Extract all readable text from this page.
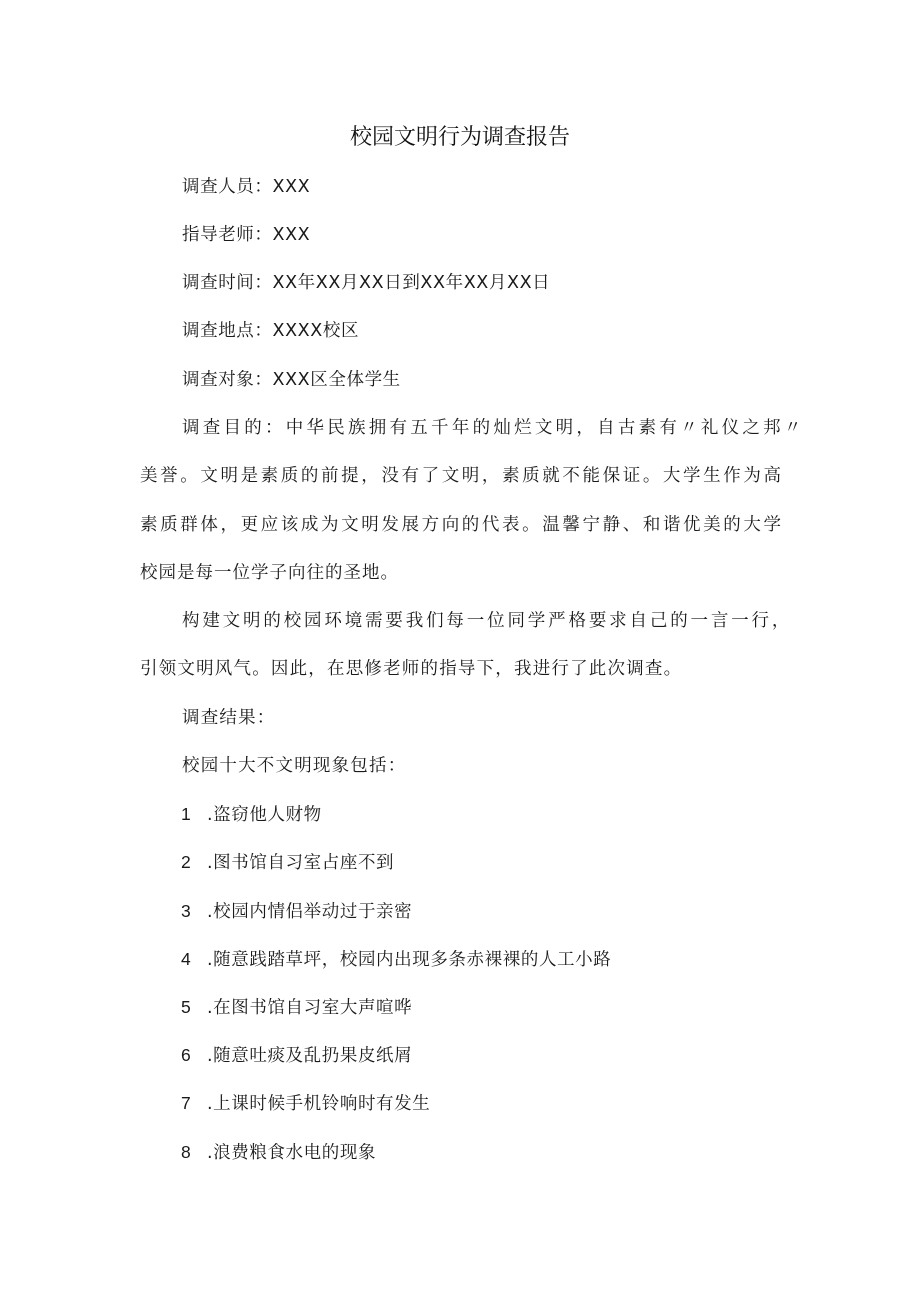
校园文明行为调查报告
调查人员：XXX
指导老师：XXX
调查时间：XX年XX月XX日到XX年XX月XX日
调查地点：XXXX校区
调查对象：XXX区全体学生
调查目的：中华民族拥有五千年的灿烂文明，自古素有〃礼仪之邦〃
美誉。文明是素质的前提，没有了文明，素质就不能保证。大学生作为高
素质群体，更应该成为文明发展方向的代表。温馨宁静、和谐优美的大学
校园是每一位学子向往的圣地。
构建文明的校园环境需要我们每一位同学严格要求自己的一言一行，
引领文明风气。因此，在思修老师的指导下，我进行了此次调查。
调查结果：
校园十大不文明现象包括：
1 .盗窃他人财物
2 .图书馆自习室占座不到
3 .校园内情侣举动过于亲密
4 .随意践踏草坪，校园内出现多条赤裸裸的人工小路
5 .在图书馆自习室大声喧哗
6 .随意吐痰及乱扔果皮纸屑
7 .上课时候手机铃响时有发生
8 .浪费粮食水电的现象
